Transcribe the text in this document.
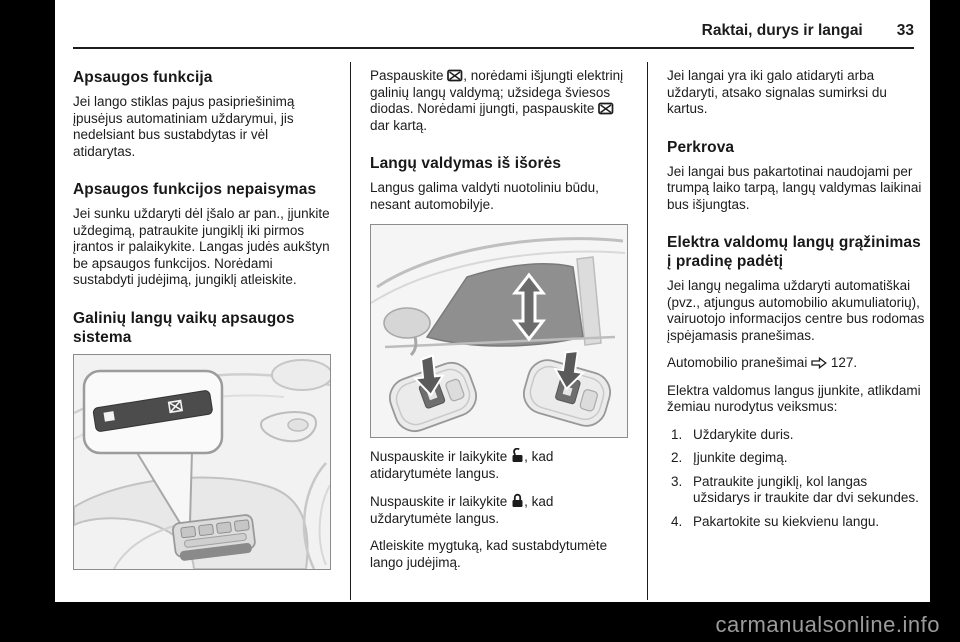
Raktai, durys ir langai 33
Apsaugos funkcija

Jei lango stiklas pajus pasipriešinimą įpusėjus automatiniam uždarymui, jis nedelsiant bus sustabdytas ir vėl atidarytas.

Apsaugos funkcijos nepaisymas

Jei sunku uždaryti dėl įšalo ar pan., įjunkite uždegimą, patraukite jungiklį iki pirmos įrantos ir palaikykite. Langas judės aukštyn be apsaugos funkcijos. Norėdami sustabdyti judėjimą, jungiklį atleiskite.

Galinių langų vaikų apsaugos sistema

Paspauskite , norėdami išjungti elektrinį galinių langų valdymą; užsidega šviesos diodas. Norėdami įjungti, paspauskite  dar kartą.

Langų valdymas iš išorės

Langus galima valdyti nuotoliniu būdu, nesant automobilyje.

Nuspauskite ir laikykite , kad atidarytumėte langus.

Nuspauskite ir laikykite , kad uždarytumėte langus.

Atleiskite mygtuką, kad sustabdytumėte lango judėjimą.

Jei langai yra iki galo atidaryti arba uždaryti, atsako signalas sumirksi du kartus.

Perkrova

Jei langai bus pakartotinai naudojami per trumpą laiko tarpą, langų valdymas laikinai bus išjungtas.

Elektra valdomų langų grąžinimas į pradinę padėtį

Jei langų negalima uždaryti automatiškai (pvz., atjungus automobilio akumuliatorių), vairuotojo informacijos centre bus rodomas įspėjamasis pranešimas.

Automobilio pranešimai  127.

Elektra valdomus langus įjunkite, atlikdami žemiau nurodytus veiksmus:

1. Uždarykite duris.
2. Įjunkite degimą.
3. Patraukite jungiklį, kol langas užsidarys ir traukite dar dvi sekundes.
4. Pakartokite su kiekvienu langu.
carmanualsonline.info
